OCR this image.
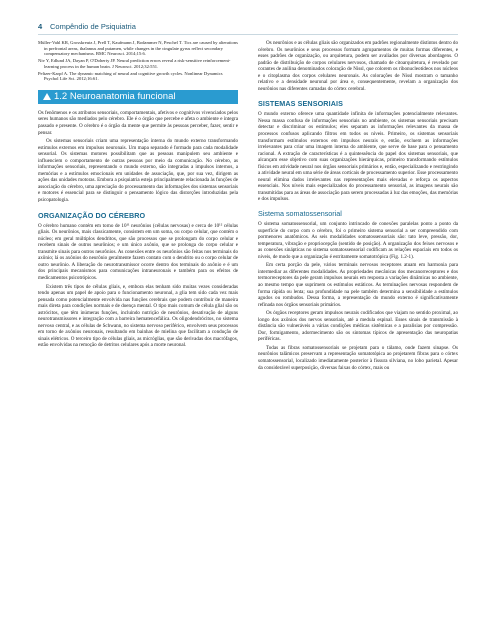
4 Compêndio de Psiquiatria

Müller-Vahl KR, Grosskreutz J, Prell T, Kaufmann J, Bodammer N, Peschel T. Tics are caused by alterations in prefrontal areas, thalamus and putamen, while changes in the cingulate gyrus reflect secondary compensatory mechanisms. BMC Neurosci. 2014;15:6.

Niv Y, Edlund JA, Dayan P, O'Doherty JP. Neural prediction errors reveal a risk-sensitive reinforcement-learning process in the human brain. J Neurosci. 2012;32:551.

Peltzer-Karpf A. The dynamic matching of neural and cognitive growth cycles. Nonlinear Dynamics Psychol Life Sci. 2012;16:61.

1.2 Neuroanatomia funcional

Os fenômenos e os atributos sensoriais, comportamentais, afetivos e cognitivos vivenciados pelos seres humanos são mediados pelo cérebro. Ele é o órgão que percebe e afeta o ambiente e integra passado e presente. O cérebro é o órgão da mente que permite às pessoas perceber, fazer, sentir e pensar.

Os sistemas sensoriais criam uma representação interna do mundo externo transformando estímulos externos em impulsos neuronais. Um mapa separado é formado para cada modalidade sensorial. Os sistemas motores possibilitam que as pessoas manipulem seu ambiente e influenciem o comportamento de outras pessoas por meio da comunicação. No cérebro, as informações sensoriais, representando o mundo externo, são integradas a impulsos internos, a memórias e a estímulos emocionais em unidades de associação, que, por sua vez, dirigem as ações das unidades motoras. Embora a psiquiatria esteja principalmente relacionada às funções de associação do cérebro, uma apreciação do processamento das informações dos sistemas sensoriais e motores é essencial para se distinguir o pensamento lógico das distorções introduzidas pela psicopatologia.

ORGANIZAÇÃO DO CÉREBRO

O cérebro humano contém em torno de 10¹¹ neurônios (células nervosas) e cerca de 10¹² células gliais. Os neurônios, mais classicamente, consistem em um soma, ou corpo celular, que contém o núcleo; em geral múltiplos dendritos, que são processos que se prolongam do corpo celular e recebem sinais de outros neurônios; e um único axônio, que se prolonga do corpo celular e transmite sinais para outros neurônios. As conexões entre os neurônios são feitas nos terminais do axônio; lá os axônios do neurônio geralmente fazem contato com o dendrito ou o corpo celular de outro neurônio. A liberação do neurotransmissor ocorre dentro dos terminais do axônio e é um dos principais mecanismos para comunicações intraneuronais e também para os efeitos de medicamentos psicotrópicos.

Existem três tipos de células gliais, e, embora elas tenham sido muitas vezes consideradas tendo apenas um papel de apoio para o funcionamento neuronal, a glia tem sido cada vez mais pensada como potencialmente envolvida nas funções cerebrais que podem contribuir de maneira mais direta para condições normais e de doença mental. O tipo mais comum de célula glial são os astrócitos, que têm inúmeras funções, incluindo nutrição de neurônios, desativação de alguns neurotransmissores e integração com a barreira hematencefálica. Os oligodendrócitos, no sistema nervoso central, e as células de Schwann, no sistema nervoso periférico, envolvem seus processos em torno de axônios neuronais, resultando em bainhas de mielina que facilitam a condução de sinais elétricos. O terceiro tipo de células gliais, as micróglias, que são derivadas dos macrófagos, estão envolvidas na remoção de detritos celulares após a morte neuronal.

Os neurônios e as células gliais são organizados em padrões regionalmente distintos dentro do cérebro. Os neurônios e seus processos formam agrupamentos de muitas formas diferentes, e esses padrões de organização, ou arquitetura, podem ser avaliados por diversas abordagens. O padrão de distribuição de corpos celulares nervosos, chamado de citoarquitetura, é revelado por corantes de anilina denominados coloração de Nissl, que colorem os ribonucleotídeos nos núcleos e o citoplasma dos corpos celulares neuronais. As colorações de Nissl mostram o tamanho relativo e a densidade neuronal por área e, consequentemente, revelam a organização dos neurônios nas diferentes camadas do córtex cerebral.

SISTEMAS SENSORIAIS

O mundo externo oferece uma quantidade infinita de informações potencialmente relevantes. Nessa massa confusa de informações sensoriais no ambiente, os sistemas sensoriais precisam detectar e discriminar os estímulos; eles separam as informações relevantes da massa de processos confusos aplicando filtros em todos os níveis. Primeiro, os sistemas sensoriais transformam estímulos externos em impulsos neurais e, então, excluem as informações irrelevantes para criar uma imagem interna do ambiente, que serve de base para o pensamento racional. A extração de características é a quintessência do papel dos sistemas sensoriais, que alcançam esse objetivo com suas organizações hierárquicas, primeiro transformando estímulos físicos em atividade neural nos órgãos sensoriais primários e, então, especializando e restringindo a atividade neural em uma série de áreas corticais de processamento superior. Esse processamento neural elimina dados irrelevantes nas representações mais elevadas e reforça os aspectos essenciais. Nos níveis mais especializados do processamento sensorial, as imagens neurais são transmitidas para as áreas de associação para serem processadas à luz das emoções, das memórias e dos impulsos.

Sistema somatossensorial

O sistema somatossensorial, um conjunto intrincado de conexões paralelas ponto a ponto da superfície do corpo com o cérebro, foi o primeiro sistema sensorial a ser compreendido com pormenores anatômicos. As seis modalidades somatossensoriais são: tato leve, pressão, dor, temperatura, vibração e propriocepção (sentido de posição). A organização dos feixes nervosos e as conexões sinápticas no sistema somatossensorial codificam as relações espaciais em todos os níveis, de modo que a organização é estritamente somatotrópica (Fig. 1.2-1).

Em certa porção da pele, vários terminais nervosos receptores atuam em harmonia para intermediar as diferentes modalidades. As propriedades mecânicas dos mecanorreceptores e dos termorreceptores da pele geram impulsos neurais em resposta a variações dinâmicas no ambiente, ao mesmo tempo que suprimem os estímulos estáticos. As terminações nervosas respondem de forma rápida ou lenta; sua profundidade na pele também determina a sensibilidade a estímulos agudos ou rombudos. Dessa forma, a representação do mundo externo é significativamente refinada nos órgãos sensoriais primários.

Os órgãos receptores geram impulsos neurais codificados que viajam no sentido proximal, ao longo dos axônios dos nervos sensoriais, até a medula espinal. Esses sinais de transmissão à distância são vulneráveis a várias condições médicas sistêmicas e a paralisias por compressão. Dor, formigamento, adormecimento são os sintomas típicos de apresentação das neuropatias periféricas.

Todas as fibras somatossensoriais se projetam para o tálamo, onde fazem sinapse. Os neurônios talâmicos preservam a representação somatotópica ao projetarem fibras para o córtex somatossensorial, localizado imediatamente posterior à fissura silviana, no lobo parietal. Apesar da considerável superposição, diversas faixas do córtex, mais ou
